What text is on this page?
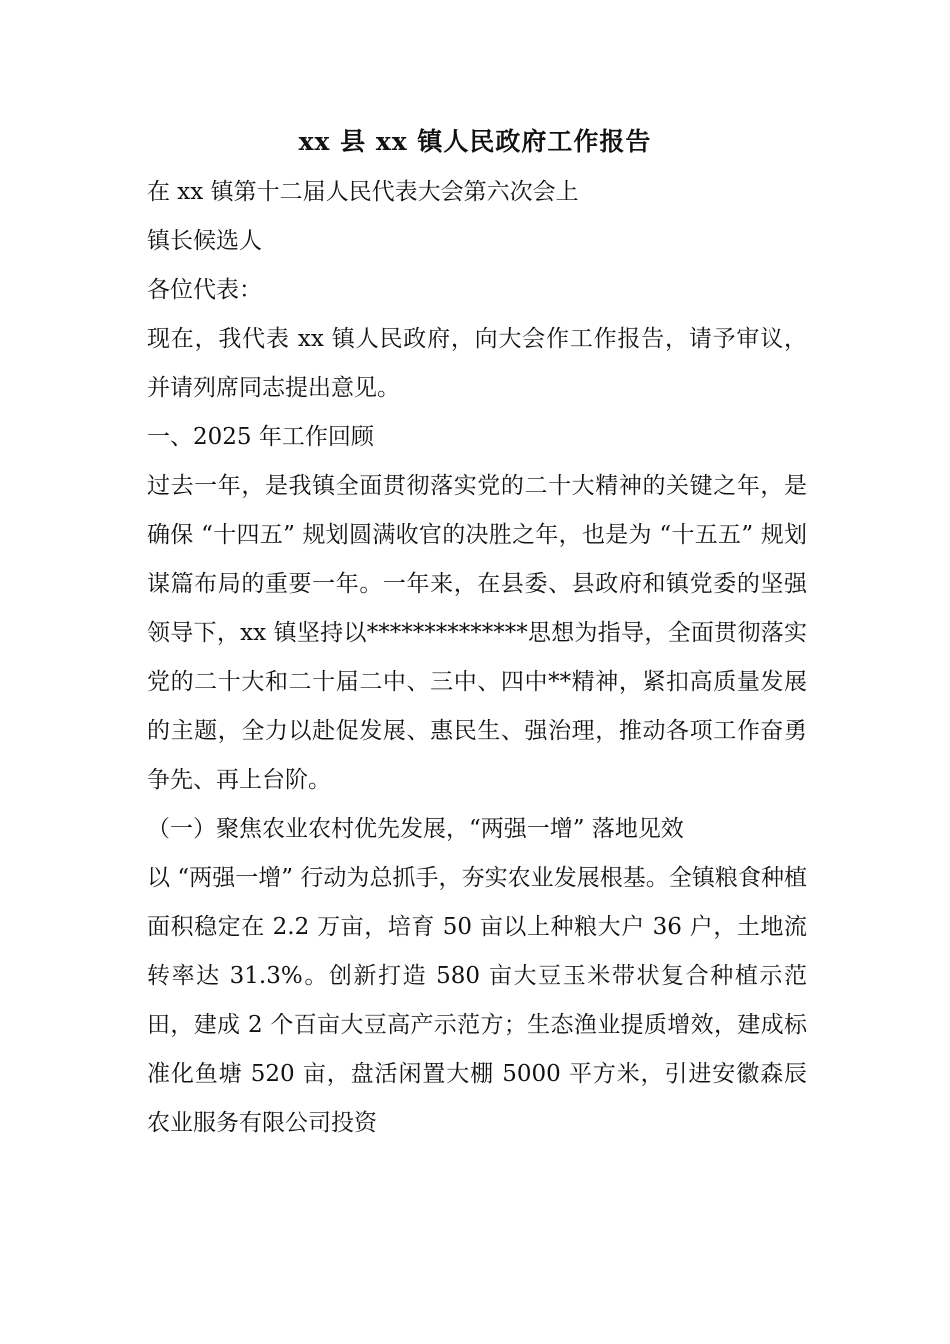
xx 县 xx 镇人民政府工作报告

在 xx 镇第十二届人民代表大会第六次会上

镇长候选人

各位代表：

现在，我代表 xx 镇人民政府，向大会作工作报告，请予审议，并请列席同志提出意见。

一、2025 年工作回顾

过去一年，是我镇全面贯彻落实党的二十大精神的关键之年，是确保 “十四五” 规划圆满收官的决胜之年，也是为 “十五五” 规划谋篇布局的重要一年。一年来，在县委、县政府和镇党委的坚强领导下，xx 镇坚持以**************思想为指导，全面贯彻落实党的二十大和二十届二中、三中、四中**精神，紧扣高质量发展的主题，全力以赴促发展、惠民生、强治理，推动各项工作奋勇争先、再上台阶。

（一）聚焦农业农村优先发展，“两强一增” 落地见效

以 “两强一增” 行动为总抓手，夯实农业发展根基。全镇粮食种植面积稳定在 2.2 万亩，培育 50 亩以上种粮大户 36 户，土地流转率达 31.3%。创新打造 580 亩大豆玉米带状复合种植示范田，建成 2 个百亩大豆高产示范方；生态渔业提质增效，建成标准化鱼塘 520 亩，盘活闲置大棚 5000 平方米，引进安徽森辰农业服务有限公司投资
